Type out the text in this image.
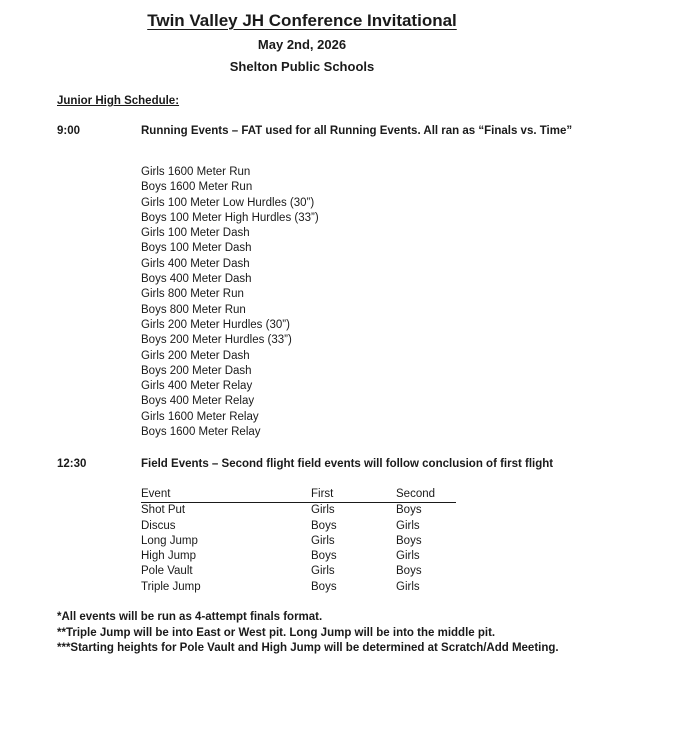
Twin Valley JH Conference Invitational
May 2nd, 2026
Shelton Public Schools
Junior High Schedule:
9:00	Running Events – FAT used for all Running Events. All ran as “Finals vs. Time”
Girls 1600 Meter Run
Boys 1600 Meter Run
Girls 100 Meter Low Hurdles (30”)
Boys 100 Meter High Hurdles (33”)
Girls 100 Meter Dash
Boys 100 Meter Dash
Girls 400 Meter Dash
Boys 400 Meter Dash
Girls 800 Meter Run
Boys 800 Meter Run
Girls 200 Meter Hurdles (30”)
Boys 200 Meter Hurdles (33”)
Girls 200 Meter Dash
Boys 200 Meter Dash
Girls 400 Meter Relay
Boys 400 Meter Relay
Girls 1600 Meter Relay
Boys 1600 Meter Relay
12:30	Field Events – Second flight field events will follow conclusion of first flight
Event	First	Second
Shot Put	Girls	Boys
Discus	Boys	Girls
Long Jump	Girls	Boys
High Jump	Boys	Girls
Pole Vault	Girls	Boys
Triple Jump	Boys	Girls
*All events will be run as 4-attempt finals format.
**Triple Jump will be into East or West pit. Long Jump will be into the middle pit.
***Starting heights for Pole Vault and High Jump will be determined at Scratch/Add Meeting.
